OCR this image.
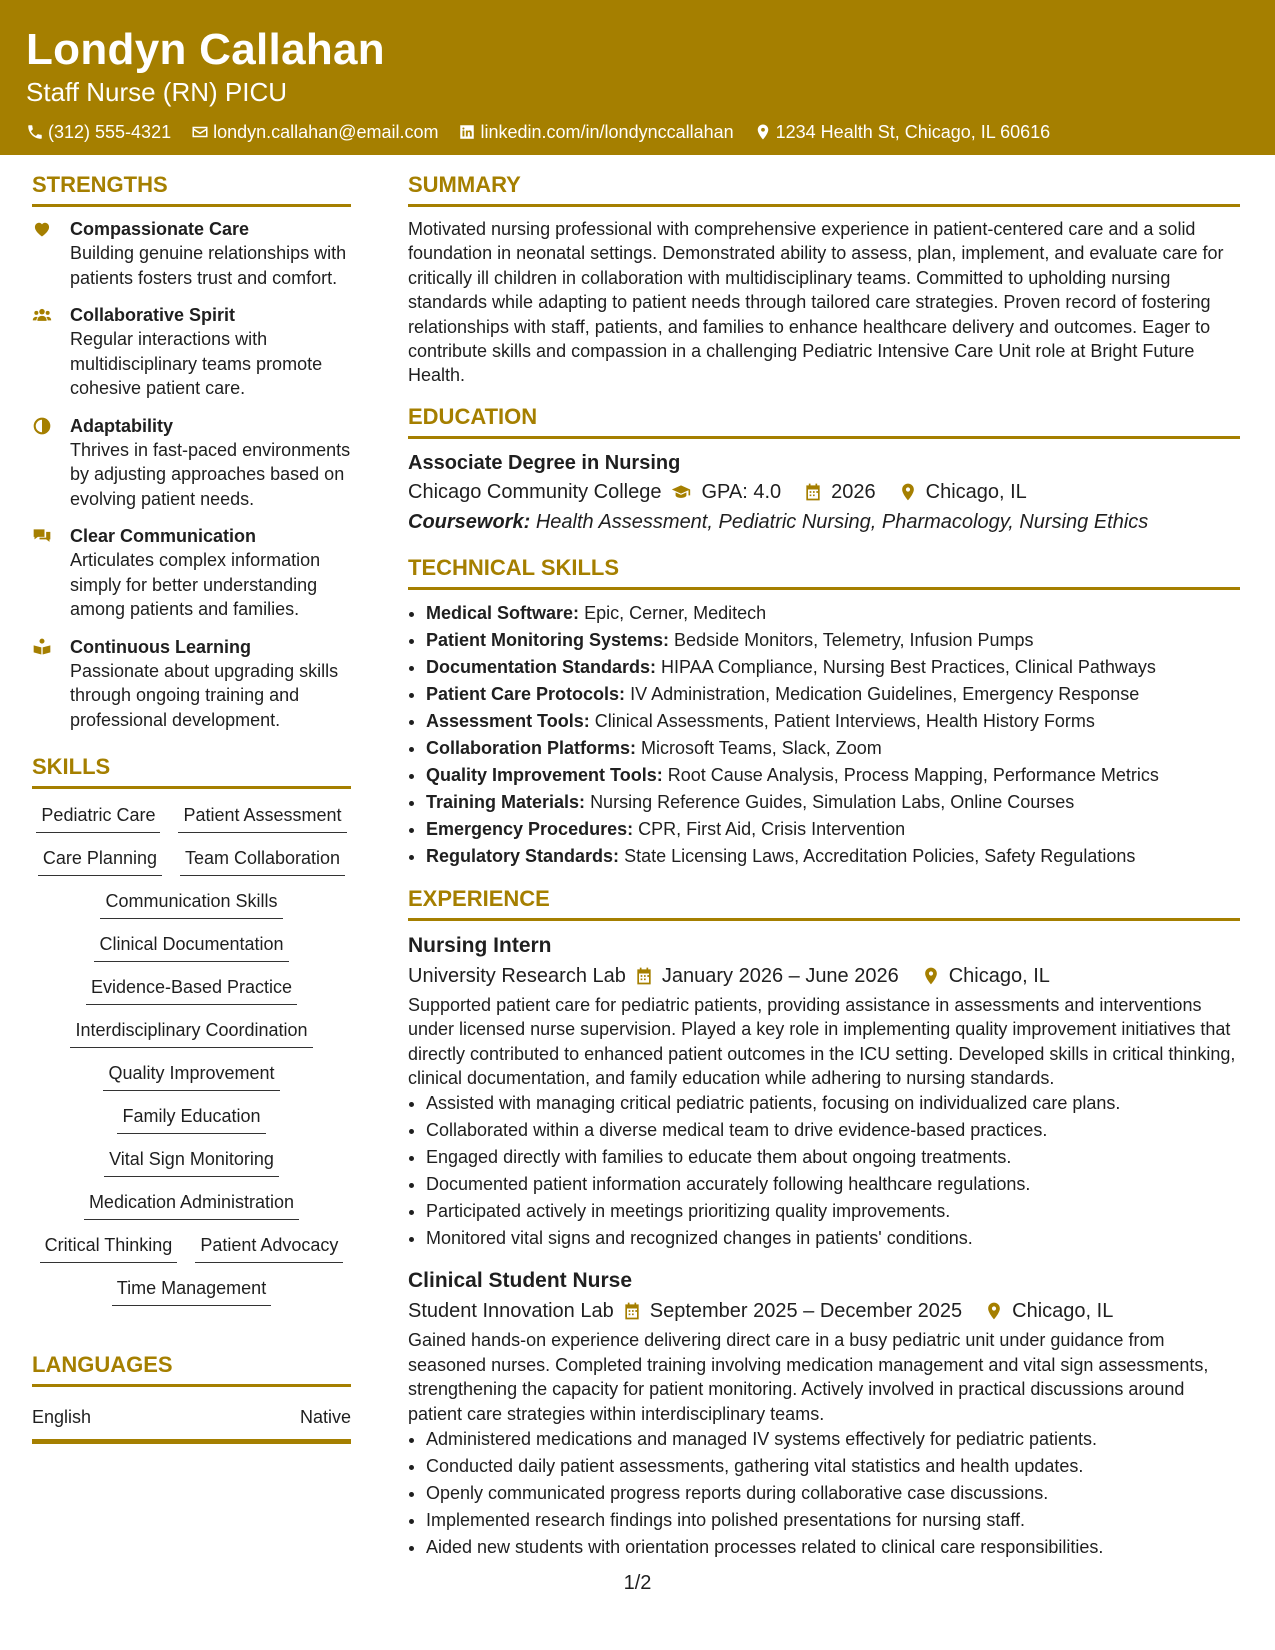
Londyn Callahan
Staff Nurse (RN) PICU
(312) 555-4321 londyn.callahan@email.com linkedin.com/in/londynccallahan 1234 Health St, Chicago, IL 60616
STRENGTHS
Compassionate Care
Building genuine relationships with patients fosters trust and comfort.
Collaborative Spirit
Regular interactions with multidisciplinary teams promote cohesive patient care.
Adaptability
Thrives in fast-paced environments by adjusting approaches based on evolving patient needs.
Clear Communication
Articulates complex information simply for better understanding among patients and families.
Continuous Learning
Passionate about upgrading skills through ongoing training and professional development.
SKILLS
Pediatric Care Patient Assessment
Care Planning Team Collaboration
Communication Skills
Clinical Documentation
Evidence-Based Practice
Interdisciplinary Coordination
Quality Improvement
Family Education
Vital Sign Monitoring
Medication Administration
Critical Thinking Patient Advocacy
Time Management
LANGUAGES
English	Native
SUMMARY
Motivated nursing professional with comprehensive experience in patient-centered care and a solid foundation in neonatal settings. Demonstrated ability to assess, plan, implement, and evaluate care for critically ill children in collaboration with multidisciplinary teams. Committed to upholding nursing standards while adapting to patient needs through tailored care strategies. Proven record of fostering relationships with staff, patients, and families to enhance healthcare delivery and outcomes. Eager to contribute skills and compassion in a challenging Pediatric Intensive Care Unit role at Bright Future Health.
EDUCATION
Associate Degree in Nursing
Chicago Community College GPA: 4.0	2026	Chicago, IL
Coursework: Health Assessment, Pediatric Nursing, Pharmacology, Nursing Ethics
TECHNICAL SKILLS
• Medical Software: Epic, Cerner, Meditech
• Patient Monitoring Systems: Bedside Monitors, Telemetry, Infusion Pumps
• Documentation Standards: HIPAA Compliance, Nursing Best Practices, Clinical Pathways
• Patient Care Protocols: IV Administration, Medication Guidelines, Emergency Response
• Assessment Tools: Clinical Assessments, Patient Interviews, Health History Forms
• Collaboration Platforms: Microsoft Teams, Slack, Zoom
• Quality Improvement Tools: Root Cause Analysis, Process Mapping, Performance Metrics
• Training Materials: Nursing Reference Guides, Simulation Labs, Online Courses
• Emergency Procedures: CPR, First Aid, Crisis Intervention
• Regulatory Standards: State Licensing Laws, Accreditation Policies, Safety Regulations
EXPERIENCE
Nursing Intern
University Research Lab January 2026 – June 2026	Chicago, IL
Supported patient care for pediatric patients, providing assistance in assessments and interventions under licensed nurse supervision. Played a key role in implementing quality improvement initiatives that directly contributed to enhanced patient outcomes in the ICU setting. Developed skills in critical thinking, clinical documentation, and family education while adhering to nursing standards.
• Assisted with managing critical pediatric patients, focusing on individualized care plans.
• Collaborated within a diverse medical team to drive evidence-based practices.
• Engaged directly with families to educate them about ongoing treatments.
• Documented patient information accurately following healthcare regulations.
• Participated actively in meetings prioritizing quality improvements.
• Monitored vital signs and recognized changes in patients' conditions.
Clinical Student Nurse
Student Innovation Lab September 2025 – December 2025	Chicago, IL
Gained hands-on experience delivering direct care in a busy pediatric unit under guidance from seasoned nurses. Completed training involving medication management and vital sign assessments, strengthening the capacity for patient monitoring. Actively involved in practical discussions around patient care strategies within interdisciplinary teams.
• Administered medications and managed IV systems effectively for pediatric patients.
• Conducted daily patient assessments, gathering vital statistics and health updates.
• Openly communicated progress reports during collaborative case discussions.
• Implemented research findings into polished presentations for nursing staff.
• Aided new students with orientation processes related to clinical care responsibilities.
1/2
